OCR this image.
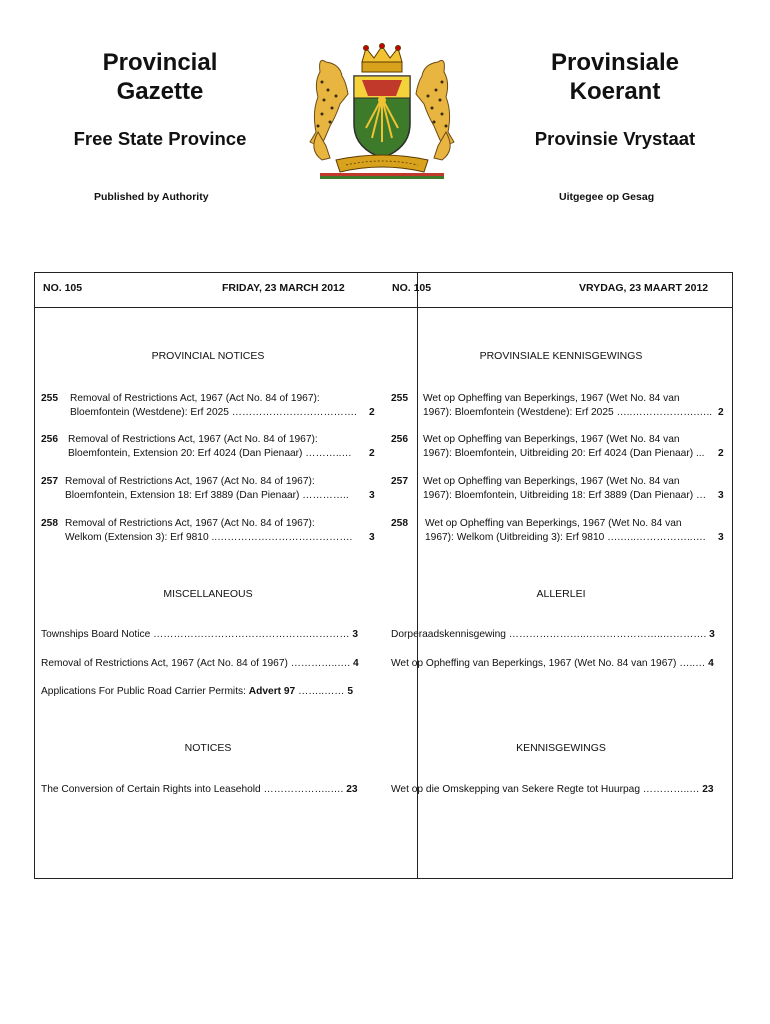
Provincial
Gazette
Provinsiale
Koerant
Free State Province	Provinsie Vrystaat
Published by Authority	Uitgegee op Gesag
NO. 105	FRIDAY, 23 MARCH 2012	NO. 105	VRYDAG, 23 MAART 2012
PROVINCIAL NOTICES	PROVINSIALE KENNISGEWINGS
255 Removal of Restrictions Act, 1967 (Act No. 84 of 1967):
Bloemfontein (Westdene): Erf 2025 ………………………………. 2
256 Removal of Restrictions Act, 1967 (Act No. 84 of 1967):
Bloemfontein, Extension 20: Erf 4024 (Dan Pienaar) ………..… 2
257 Removal of Restrictions Act, 1967 (Act No. 84 of 1967):
Bloemfontein, Extension 18: Erf 3889 (Dan Pienaar) ………….. 3
258 Removal of Restrictions Act, 1967 (Act No. 84 of 1967):
Welkom (Extension 3): Erf 9810 ..…………………………………. 3
255 Wet op Opheffing van Beperkings, 1967 (Wet No. 84 van
1967): Bloemfontein (Westdene): Erf 2025 …..……………….….. 2
256 Wet op Opheffing van Beperkings, 1967 (Wet No. 84 van
1967): Bloemfontein, Uitbreiding 20: Erf 4024 (Dan Pienaar) ... 2
257 Wet op Opheffing van Beperkings, 1967 (Wet No. 84 van
1967): Bloemfontein, Uitbreiding 18: Erf 3889 (Dan Pienaar) … 3
258 Wet op Opheffing van Beperkings, 1967 (Wet No. 84 van
1967): Welkom (Uitbreiding 3): Erf 9810 ….…..……………..…. 3
MISCELLANEOUS	ALLERLEI
Townships Board Notice ……………………………………….………… 3
Removal of Restrictions Act, 1967 (Act No. 84 of 1967) …………..…. 4
Applications For Public Road Carrier Permits: Advert 97 ……..…… 5
Dorperaadskennisgewing …………………..…………………..…………. 3
Wet op Opheffing van Beperkings, 1967 (Wet No. 84 van 1967) …..… 4
NOTICES	KENNISGEWINGS
The Conversion of Certain Rights into Leasehold ………………..…. 23	Wet op die Omskepping van Sekere Regte tot Huurpag …………..… 23
